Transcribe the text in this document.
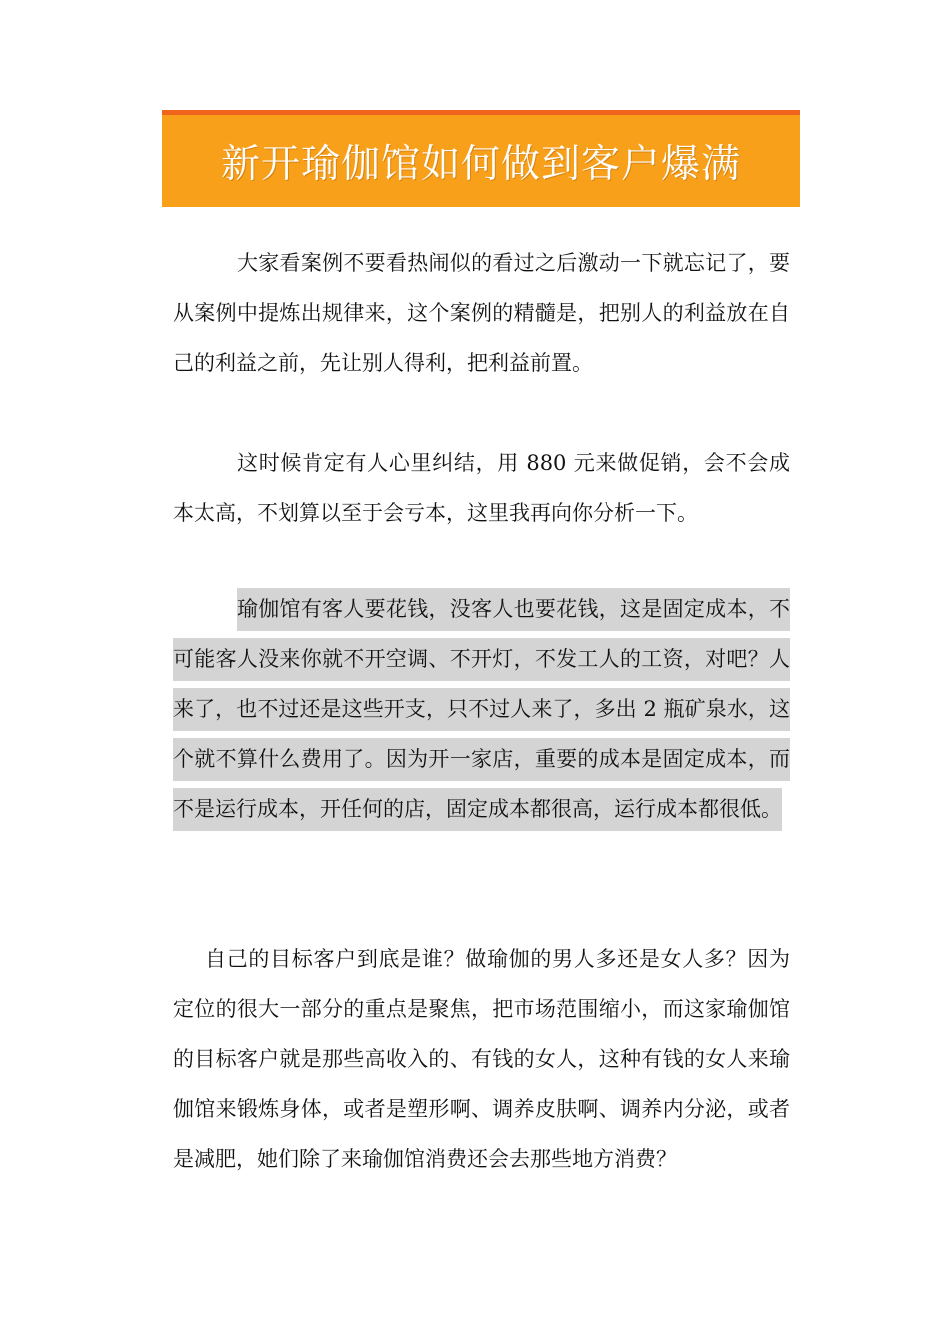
新开瑜伽馆如何做到客户爆满

大家看案例不要看热闹似的看过之后激动一下就忘记了，要从案例中提炼出规律来，这个案例的精髓是，把别人的利益放在自己的利益之前，先让别人得利，把利益前置。

这时候肯定有人心里纠结，用 880 元来做促销，会不会成本太高，不划算以至于会亏本，这里我再向你分析一下。

瑜伽馆有客人要花钱，没客人也要花钱，这是固定成本，不可能客人没来你就不开空调、不开灯，不发工人的工资，对吧？人来了，也不过还是这些开支，只不过人来了，多出 2 瓶矿泉水，这个就不算什么费用了。因为开一家店，重要的成本是固定成本，而不是运行成本，开任何的店，固定成本都很高，运行成本都很低。

自己的目标客户到底是谁？做瑜伽的男人多还是女人多？因为定位的很大一部分的重点是聚焦，把市场范围缩小，而这家瑜伽馆的目标客户就是那些高收入的、有钱的女人，这种有钱的女人来瑜伽馆来锻炼身体，或者是塑形啊、调养皮肤啊、调养内分泌，或者是减肥，她们除了来瑜伽馆消费还会去那些地方消费？
